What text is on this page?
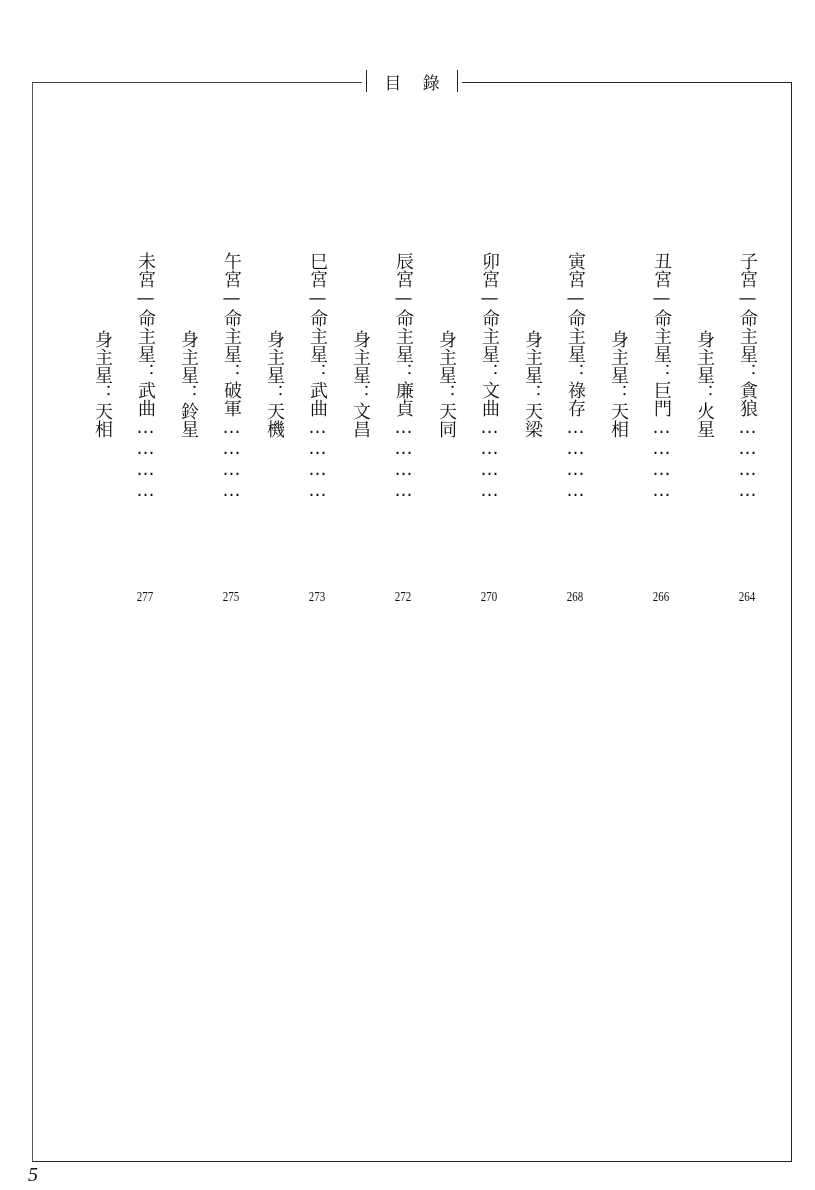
目 錄
子宮—命主星：貪狼…………
264
身主星：火星
丑宮—命主星：巨門…………
266
身主星：天相
寅宮—命主星：祿存…………
268
身主星：天梁
卯宮—命主星：文曲…………
270
身主星：天同
辰宮—命主星：廉貞…………
272
身主星：文昌
巳宮—命主星：武曲…………
273
身主星：天機
午宮—命主星：破軍…………
275
身主星：鈴星
未宮—命主星：武曲…………
277
身主星：天相
5
